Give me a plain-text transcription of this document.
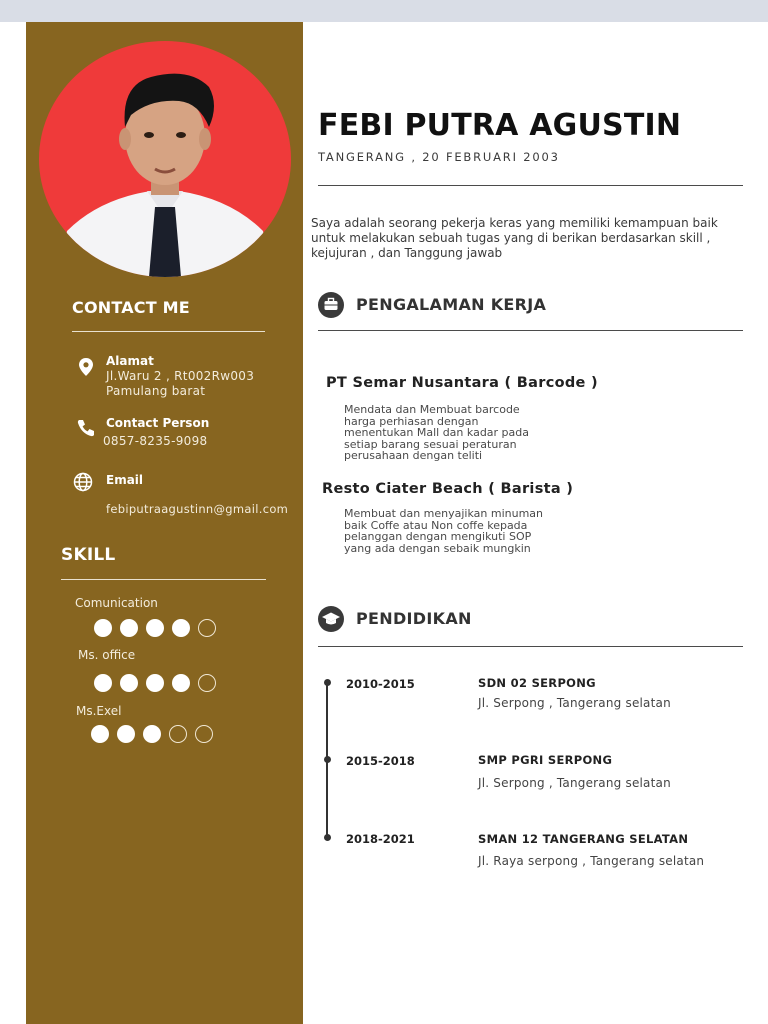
CONTACT ME
Alamat
Jl.Waru 2 , Rt002Rw003
Pamulang barat
Contact Person
0857-8235-9098
Email
febiputraagustinn@gmail.com
SKILL
Comunication
Ms. office
Ms.Exel
FEBI PUTRA AGUSTIN
TANGERANG , 20 FEBRUARI 2003
Saya adalah seorang pekerja keras yang memiliki kemampuan baik untuk melakukan sebuah tugas yang di berikan berdasarkan skill , kejujuran , dan Tanggung jawab
PENGALAMAN KERJA
PT Semar Nusantara ( Barcode )
Mendata dan Membuat barcode harga perhiasan dengan menentukan Mall dan kadar pada setiap barang sesuai peraturan perusahaan dengan teliti
Resto Ciater Beach ( Barista )
Membuat dan menyajikan minuman baik Coffe atau Non coffe kepada pelanggan dengan mengikuti SOP yang ada dengan sebaik mungkin
PENDIDIKAN
2010-2015	SDN 02 SERPONG
Jl. Serpong , Tangerang selatan
2015-2018	SMP PGRI SERPONG
Jl. Serpong , Tangerang selatan
2018-2021	SMAN 12 TANGERANG SELATAN
Jl. Raya serpong , Tangerang selatan
